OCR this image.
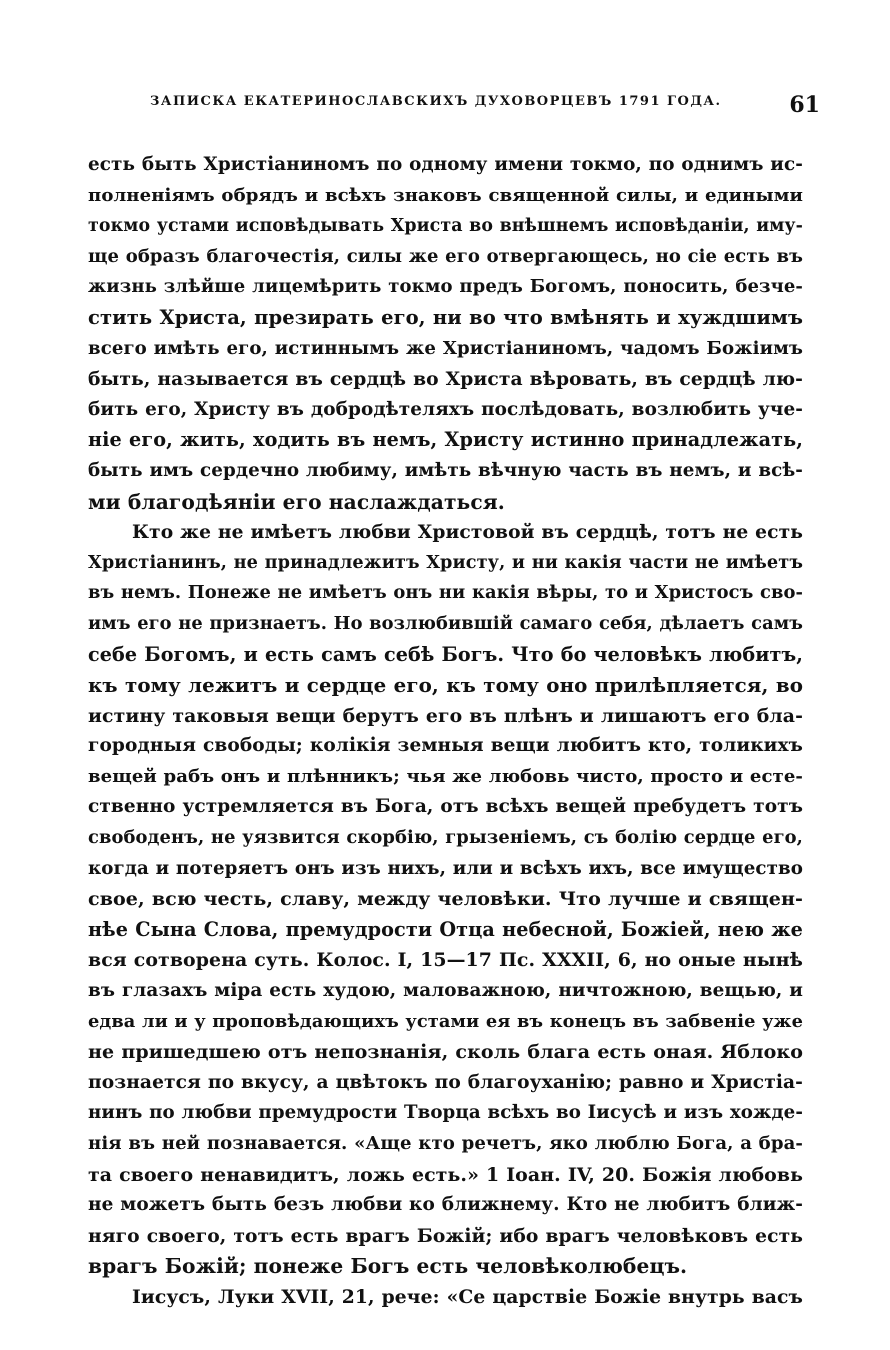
ЗАПИСКА ЕКАТЕРИНОСЛАВСКИХЪ ДУХОВОРЦЕВЪ 1791 ГОДА.	61
есть быть Христіаниномъ по одному имени токмо, по однимъ ис-
полненіямъ обрядъ и всѣхъ знаковъ священной силы, и едиными
токмо устами исповѣдывать Христа во внѣшнемъ исповѣданіи, иму-
ще образъ благочестія, силы же его отвергающесь, но сіе есть въ
жизнь злѣйше лицемѣрить токмо предъ Богомъ, поносить, безче-
стить Христа, презирать его, ни во что вмѣнять и хуждшимъ
всего имѣть его, истиннымъ же Христіаниномъ, чадомъ Божіимъ
быть, называется въ сердцѣ во Христа вѣровать, въ сердцѣ лю-
бить его, Христу въ добродѣтеляхъ послѣдовать, возлюбить уче-
ніе его, жить, ходить въ немъ, Христу истинно принадлежать,
быть имъ сердечно любиму, имѣть вѣчную часть въ немъ, и всѣ-
ми благодѣяніи его наслаждаться.
Кто же не имѣетъ любви Христовой въ сердцѣ, тотъ не есть
Христіанинъ, не принадлежитъ Христу, и ни какія части не имѣетъ
въ немъ. Понеже не имѣетъ онъ ни какія вѣры, то и Христосъ сво-
имъ его не признаетъ. Но возлюбившій самаго себя, дѣлаетъ самъ
себе Богомъ, и есть самъ себѣ Богъ. Что бо человѣкъ любитъ,
къ тому лежитъ и сердце его, къ тому оно прилѣпляется, во
истину таковыя вещи берутъ его въ плѣнъ и лишаютъ его бла-
городныя свободы; колікія земныя вещи любитъ кто, толикихъ
вещей рабъ онъ и плѣнникъ; чья же любовь чисто, просто и есте-
ственно устремляется въ Бога, отъ всѣхъ вещей пребудетъ тотъ
свободенъ, не уязвится скорбію, грызеніемъ, съ болію сердце его,
когда и потеряетъ онъ изъ нихъ, или и всѣхъ ихъ, все имущество
свое, всю честь, славу, между человѣки. Что лучше и священ-
нѣе Сына Слова, премудрости Отца небесной, Божіей, нею же
вся сотворена суть. Колос. I, 15—17 Пс. XXXII, 6, но оные нынѣ
въ глазахъ міра есть худою, маловажною, ничтожною, вещью, и
едва ли и у проповѣдающихъ устами ея въ конецъ въ забвеніе уже
не пришедшею отъ непознанія, сколь блага есть оная. Яблоко
познается по вкусу, а цвѣтокъ по благоуханію; равно и Христіа-
нинъ по любви премудрости Творца всѣхъ во Іисусѣ и изъ хожде-
нія въ ней познавается. «Аще кто речетъ, яко люблю Бога, а бра-
та своего ненавидитъ, ложь есть.» 1 Іоан. IV, 20. Божія любовь
не можетъ быть безъ любви ко ближнему. Кто не любитъ ближ-
няго своего, тотъ есть врагъ Божій; ибо врагъ человѣковъ есть
врагъ Божій; понеже Богъ есть человѣколюбецъ.
Іисусъ, Луки XVII, 21, рече: «Се царствіе Божіе внутрь васъ
